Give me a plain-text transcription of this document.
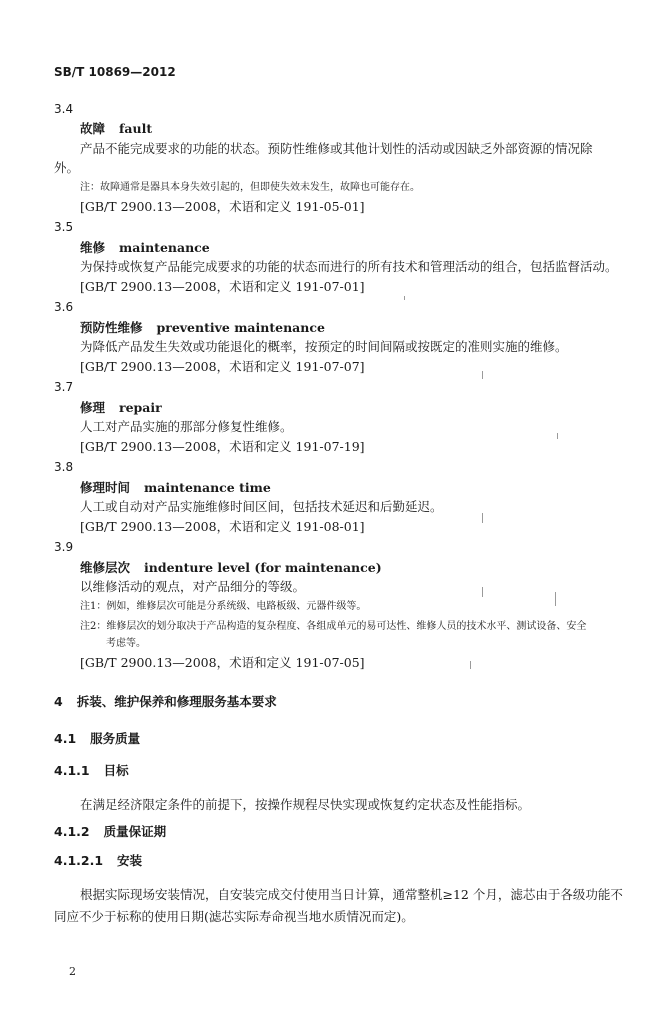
SB/T 10869—2012
3.4
故障 fault
产品不能完成要求的功能的状态。预防性维修或其他计划性的活动或因缺乏外部资源的情况除外。
注：故障通常是器具本身失效引起的，但即使失效未发生，故障也可能存在。
[GB/T 2900.13—2008，术语和定义 191-05-01]
3.5
维修 maintenance
为保持或恢复产品能完成要求的功能的状态而进行的所有技术和管理活动的组合，包括监督活动。
[GB/T 2900.13—2008，术语和定义 191-07-01]
3.6
预防性维修 preventive maintenance
为降低产品发生失效或功能退化的概率，按预定的时间间隔或按既定的准则实施的维修。
[GB/T 2900.13—2008，术语和定义 191-07-07]
3.7
修理 repair
人工对产品实施的那部分修复性维修。
[GB/T 2900.13—2008，术语和定义 191-07-19]
3.8
修理时间 maintenance time
人工或自动对产品实施维修时间区间，包括技术延迟和后勤延迟。
[GB/T 2900.13—2008，术语和定义 191-08-01]
3.9
维修层次 indenture level (for maintenance)
以维修活动的观点，对产品细分的等级。
注1：例如，维修层次可能是分系统级、电路板级、元器件级等。
注2：维修层次的划分取决于产品构造的复杂程度、各组成单元的易可达性、维修人员的技术水平、测试设备、安全
考虑等。
[GB/T 2900.13—2008，术语和定义 191-07-05]
4 拆装、维护保养和修理服务基本要求
4.1 服务质量
4.1.1 目标
在满足经济限定条件的前提下，按操作规程尽快实现或恢复约定状态及性能指标。
4.1.2 质量保证期
4.1.2.1 安装
根据实际现场安装情况，自安装完成交付使用当日计算，通常整机≥12 个月，滤芯由于各级功能不
同应不少于标称的使用日期(滤芯实际寿命视当地水质情况而定)。
2
